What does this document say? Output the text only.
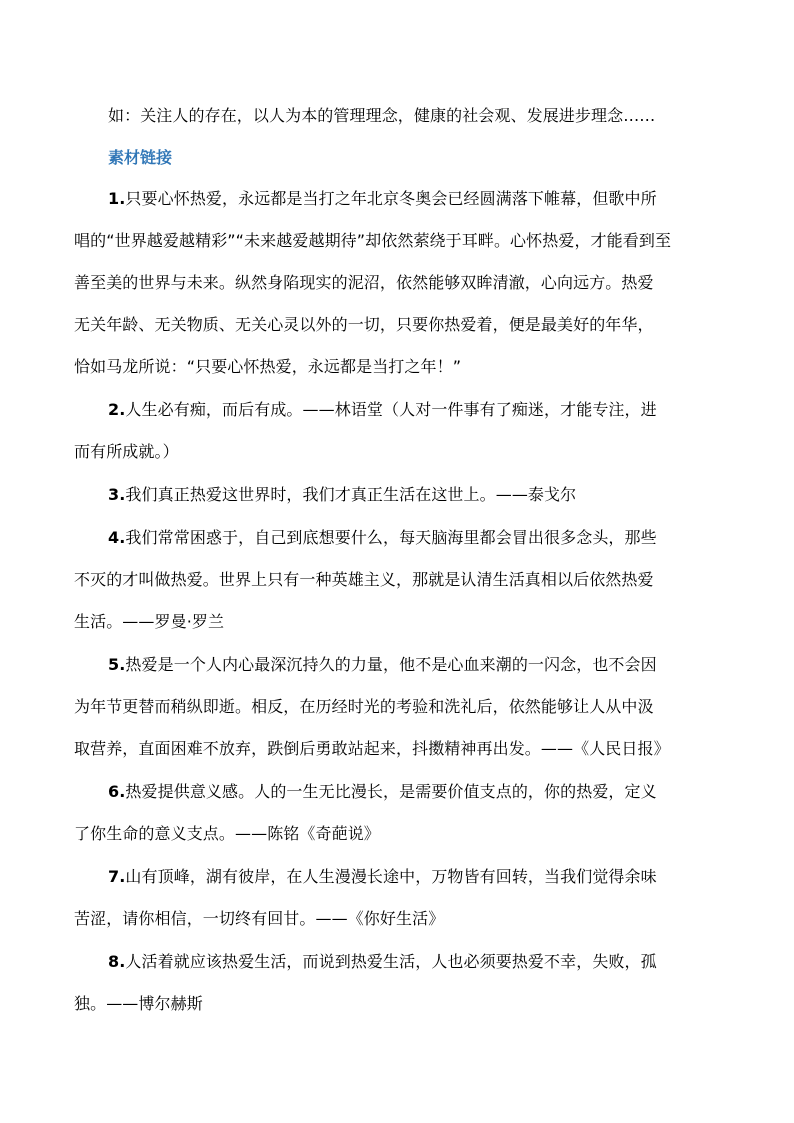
如：关注人的存在，以人为本的管理理念，健康的社会观、发展进步理念……
素材链接
1.只要心怀热爱，永远都是当打之年北京冬奥会已经圆满落下帷幕，但歌中所
唱的“世界越爱越精彩”“未来越爱越期待”却依然萦绕于耳畔。心怀热爱，才能看到至
善至美的世界与未来。纵然身陷现实的泥沼，依然能够双眸清澈，心向远方。热爱
无关年龄、无关物质、无关心灵以外的一切，只要你热爱着，便是最美好的年华，
恰如马龙所说：“只要心怀热爱，永远都是当打之年！”
2.人生必有痴，而后有成。——林语堂（人对一件事有了痴迷，才能专注，进
而有所成就。）
3.我们真正热爱这世界时，我们才真正生活在这世上。——泰戈尔
4.我们常常困惑于，自己到底想要什么，每天脑海里都会冒出很多念头，那些
不灭的才叫做热爱。世界上只有一种英雄主义，那就是认清生活真相以后依然热爱
生活。——罗曼·罗兰
5.热爱是一个人内心最深沉持久的力量，他不是心血来潮的一闪念，也不会因
为年节更替而稍纵即逝。相反，在历经时光的考验和洗礼后，依然能够让人从中汲
取营养，直面困难不放弃，跌倒后勇敢站起来，抖擞精神再出发。——《人民日报》
6.热爱提供意义感。人的一生无比漫长，是需要价值支点的，你的热爱，定义
了你生命的意义支点。——陈铭《奇葩说》
7.山有顶峰，湖有彼岸，在人生漫漫长途中，万物皆有回转，当我们觉得余味
苦涩，请你相信，一切终有回甘。——《你好生活》
8.人活着就应该热爱生活，而说到热爱生活，人也必须要热爱不幸，失败，孤
独。——博尔赫斯
